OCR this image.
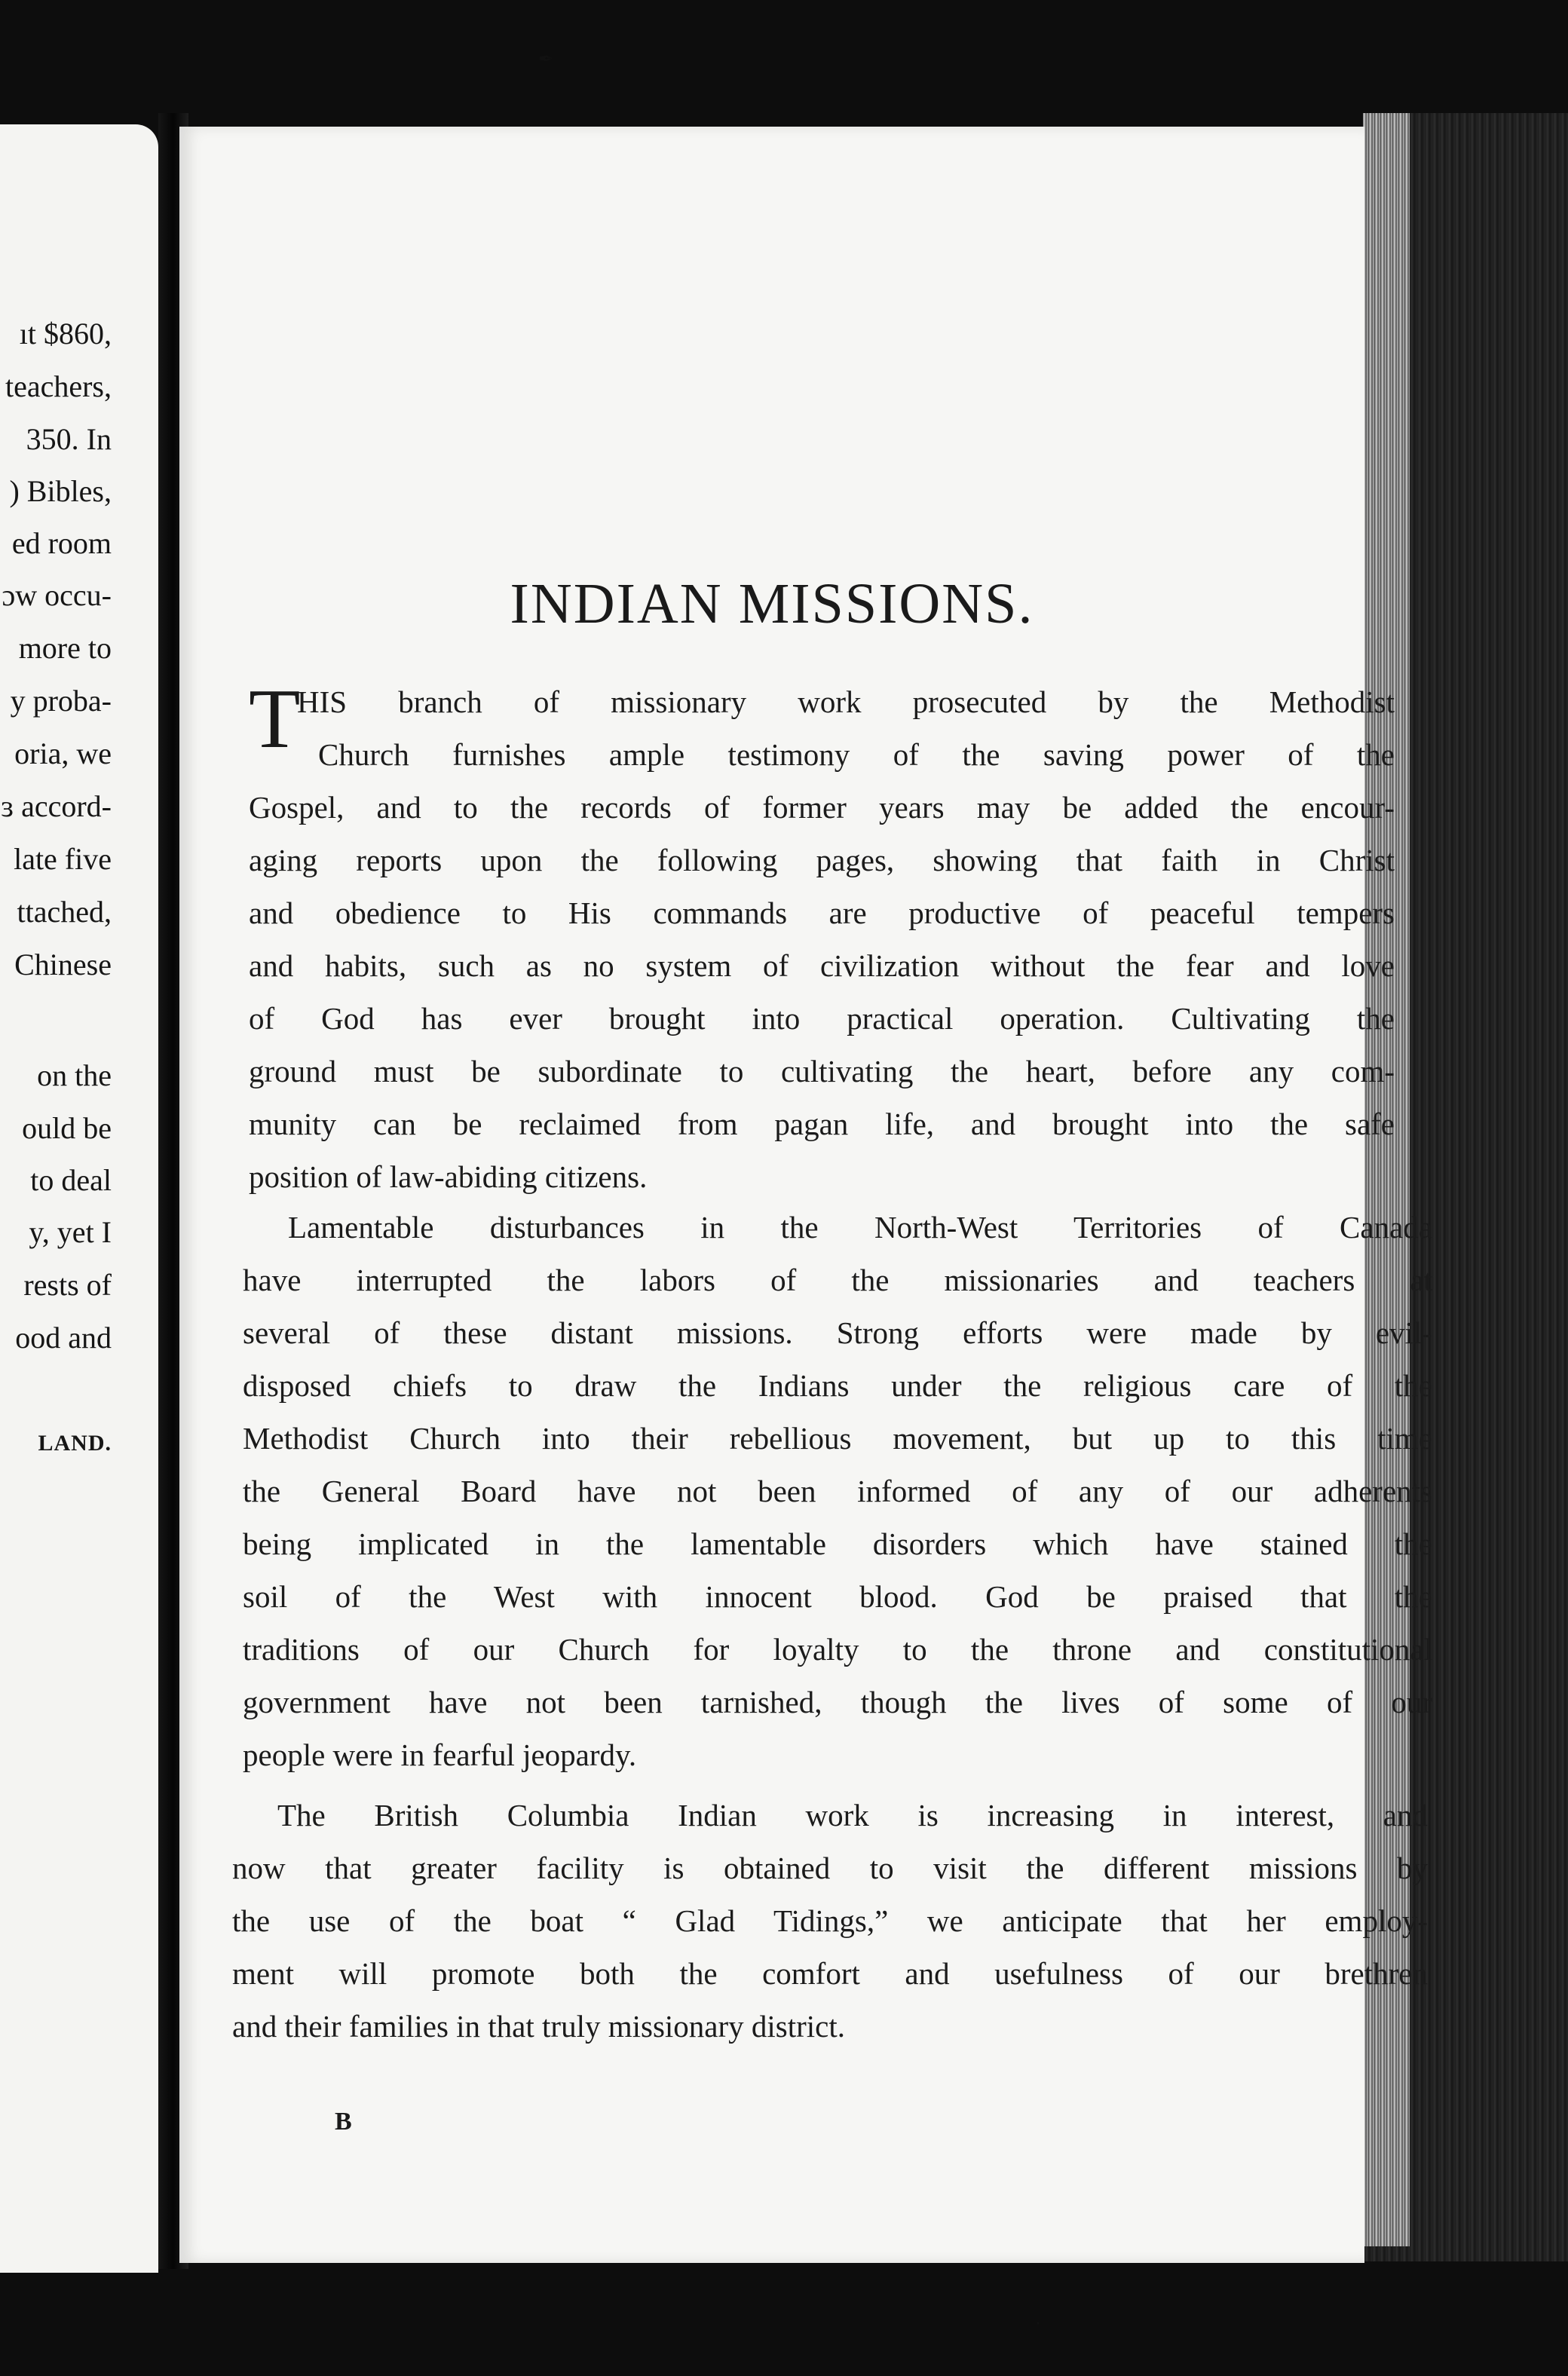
ıt $860,
teachers,
350. In
) Bibles,
ed room
ɔw occu-
more to
y proba-
oria, we
ɜ accord-
late five
ttached,
Chinese
on the
ould be
to deal
y, yet I
rests of
ood and
LAND.
INDIAN MISSIONS.
T
HIS branch of missionary work prosecuted by the Methodist
Church furnishes ample testimony of the saving power of the
Gospel, and to the records of former years may be added the encour-
aging reports upon the following pages, showing that faith in Christ
and obedience to His commands are productive of peaceful tempers
and habits, such as no system of civilization without the fear and love
of God has ever brought into practical operation. Cultivating the
ground must be subordinate to cultivating the heart, before any com-
munity can be reclaimed from pagan life, and brought into the safe
position of law-abiding citizens.
Lamentable disturbances in the North-West Territories of Canada
have interrupted the labors of the missionaries and teachers at
several of these distant missions. Strong efforts were made by evil-
disposed chiefs to draw the Indians under the religious care of the
Methodist Church into their rebellious movement, but up to this time
the General Board have not been informed of any of our adherents
being implicated in the lamentable disorders which have stained the
soil of the West with innocent blood. God be praised that the
traditions of our Church for loyalty to the throne and constitutional
government have not been tarnished, though the lives of some of our
people were in fearful jeopardy.
The British Columbia Indian work is increasing in interest, and
now that greater facility is obtained to visit the different missions by
the use of the boat “ Glad Tidings,” we anticipate that her employ-
ment will promote both the comfort and usefulness of our brethren
and their families in that truly missionary district.
B
✒
·
